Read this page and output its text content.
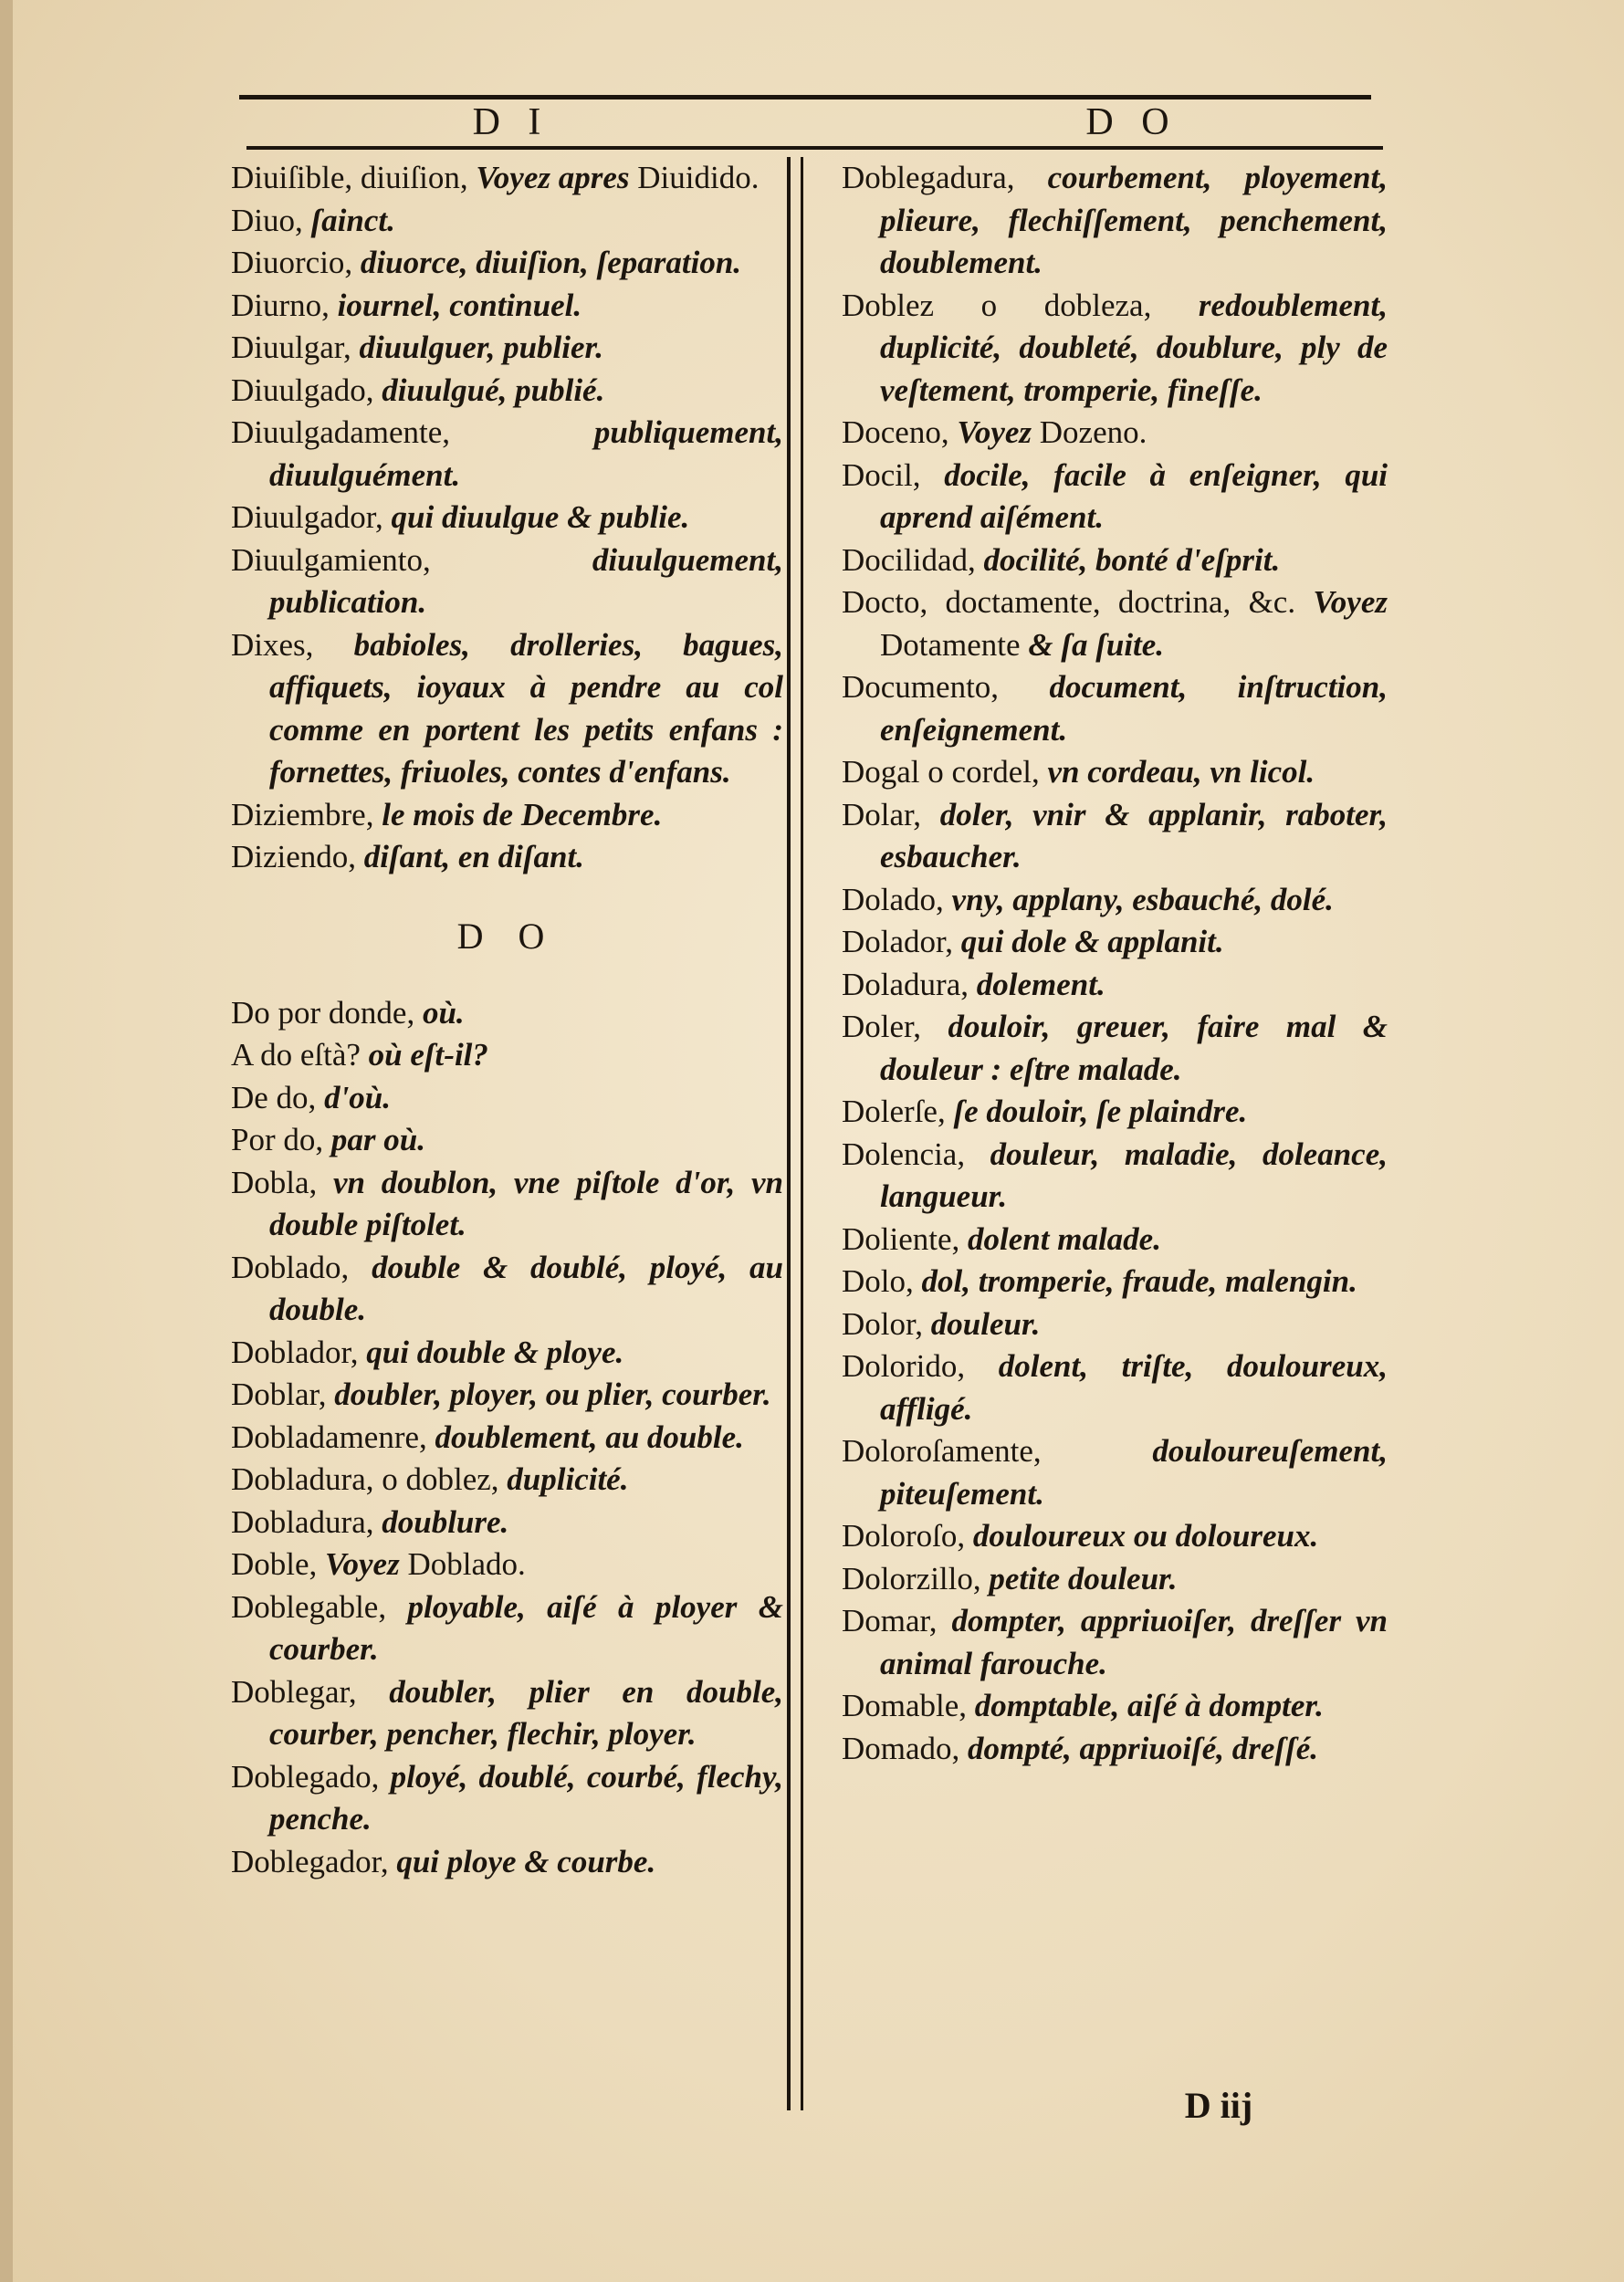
D I	D O
Diuiſible, diuiſion, Voyez apres Diuidido.
Diuo, ſainct.
Diuorcio, diuorce, diuiſion, ſeparation.
Diurno, iournel, continuel.
Diuulgar, diuulguer, publier.
Diuulgado, diuulgué, publié.
Diuulgadamente,	publiquement, diuulguément.
Diuulgador, qui diuulgue & publie.
Diuulgamiento,	diuulguement, publication.
Dixes, babioles, drolleries, bagues, affiquets, ioyaux à pendre au col comme en portent les petits enfans : fornettes, friuoles, contes d'enfans.
Diziembre, le mois de Decembre.
Diziendo, diſant, en diſant.
D O
Do por donde, où.
A do eſtà? où eſt-il?
De do, d'où.
Por do, par où.
Dobla, vn doublon, vne piſtole d'or, vn double piſtolet.
Doblado, double & doublé, ployé, au double.
Doblador, qui double & ploye.
Doblar, doubler, ployer, ou plier, courber.
Dobladamenre, doublement, au double.
Dobladura, o doblez, duplicité.
Dobladura, doublure.
Doble, Voyez Doblado.
Doblegable, ployable, aiſé à ployer & courber.
Doblegar, doubler, plier en double, courber, pencher, flechir, ployer.
Doblegado, ployé, doublé, courbé, flechy, penche.
Doblegador, qui ploye & courbe.
Doblegadura, courbement, ployement, plieure, flechiſſement, penchement, doublement.
Doblez o dobleza, redoublement, duplicité, doubleté, doublure, ply de veſtement, tromperie, fineſſe.
Doceno, Voyez Dozeno.
Docil, docile, facile à enſeigner, qui aprend aiſément.
Docilidad, docilité, bonté d'eſprit.
Docto, doctamente, doctrina, &c. Voyez Dotamente & ſa ſuite.
Documento, document, inſtruction, enſeignement.
Dogal o cordel, vn cordeau, vn licol.
Dolar, doler, vnir & applanir, raboter, esbaucher.
Dolado, vny, applany, esbauché, dolé.
Dolador, qui dole & applanit.
Doladura, dolement.
Doler, douloir, greuer, faire mal & douleur : eſtre malade.
Dolerſe, ſe douloir, ſe plaindre.
Dolencia, douleur, maladie, doleance, langueur.
Doliente, dolent malade.
Dolo, dol, tromperie, fraude, malengin.
Dolor, douleur.
Dolorido, dolent, triſte, douloureux, affligé.
Doloroſamente,	douloureuſement, piteuſement.
Doloroſo, douloureux ou doloureux.
Dolorzillo, petite douleur.
Domar, dompter, appriuoiſer, dreſſer vn animal farouche.
Domable, domptable, aiſé à dompter.
Domado, dompté, appriuoiſé, dreſſé.
D iij
